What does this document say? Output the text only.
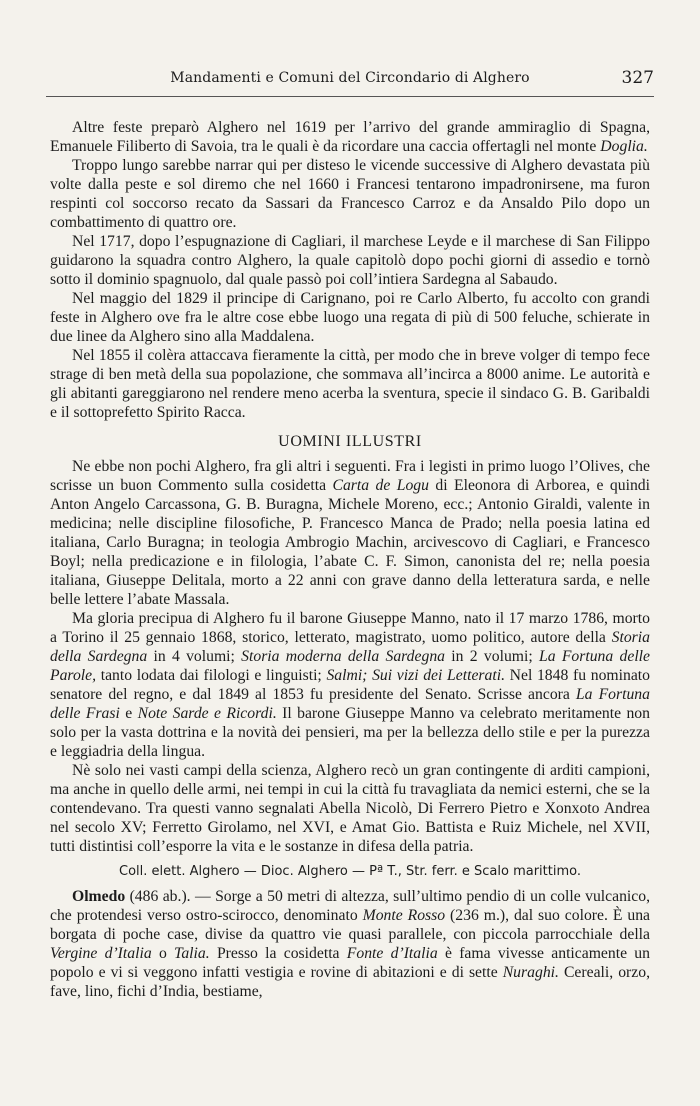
Mandamenti e Comuni del Circondario di Alghero	327

Altre feste preparò Alghero nel 1619 per l’arrivo del grande ammiraglio di Spagna, Emanuele Filiberto di Savoia, tra le quali è da ricordare una caccia offertagli nel monte Doglia.

Troppo lungo sarebbe narrar qui per disteso le vicende successive di Alghero devastata più volte dalla peste e sol diremo che nel 1660 i Francesi tentarono impadronirsene, ma furon respinti col soccorso recato da Sassari da Francesco Carroz e da Ansaldo Pilo dopo un combattimento di quattro ore.

Nel 1717, dopo l’espugnazione di Cagliari, il marchese Leyde e il marchese di San Filippo guidarono la squadra contro Alghero, la quale capitolò dopo pochi giorni di assedio e tornò sotto il dominio spagnuolo, dal quale passò poi coll’intiera Sardegna al Sabaudo.

Nel maggio del 1829 il principe di Carignano, poi re Carlo Alberto, fu accolto con grandi feste in Alghero ove fra le altre cose ebbe luogo una regata di più di 500 feluche, schierate in due linee da Alghero sino alla Maddalena.

Nel 1855 il colèra attaccava fieramente la città, per modo che in breve volger di tempo fece strage di ben metà della sua popolazione, che sommava all’incirca a 8000 anime. Le autorità e gli abitanti gareggiarono nel rendere meno acerba la sventura, specie il sindaco G. B. Garibaldi e il sottoprefetto Spirito Racca.

UOMINI ILLUSTRI

Ne ebbe non pochi Alghero, fra gli altri i seguenti. Fra i legisti in primo luogo l’Olives, che scrisse un buon Commento sulla cosidetta Carta de Logu di Eleonora di Arborea, e quindi Anton Angelo Carcassona, G. B. Buragna, Michele Moreno, ecc.; Antonio Giraldi, valente in medicina; nelle discipline filosofiche, P. Francesco Manca de Prado; nella poesia latina ed italiana, Carlo Buragna; in teologia Ambrogio Machin, arcivescovo di Cagliari, e Francesco Boyl; nella predicazione e in filologia, l’abate C. F. Simon, canonista del re; nella poesia italiana, Giuseppe Delitala, morto a 22 anni con grave danno della letteratura sarda, e nelle belle lettere l’abate Massala.

Ma gloria precipua di Alghero fu il barone Giuseppe Manno, nato il 17 marzo 1786, morto a Torino il 25 gennaio 1868, storico, letterato, magistrato, uomo politico, autore della Storia della Sardegna in 4 volumi; Storia moderna della Sardegna in 2 volumi; La Fortuna delle Parole, tanto lodata dai filologi e linguisti; Salmi; Sui vizi dei Letterati. Nel 1848 fu nominato senatore del regno, e dal 1849 al 1853 fu presidente del Senato. Scrisse ancora La Fortuna delle Frasi e Note Sarde e Ricordi. Il barone Giuseppe Manno va celebrato meritamente non solo per la vasta dottrina e la novità dei pensieri, ma per la bellezza dello stile e per la purezza e leggiadria della lingua.

Nè solo nei vasti campi della scienza, Alghero recò un gran contingente di arditi campioni, ma anche in quello delle armi, nei tempi in cui la città fu travagliata da nemici esterni, che se la contendevano. Tra questi vanno segnalati Abella Nicolò, Di Ferrero Pietro e Xonxoto Andrea nel secolo XV; Ferretto Girolamo, nel XVI, e Amat Gio. Battista e Ruiz Michele, nel XVII, tutti distintisi coll’esporre la vita e le sostanze in difesa della patria.

Coll. elett. Alghero — Dioc. Alghero — Pª T., Str. ferr. e Scalo marittimo.

Olmedo (486 ab.). — Sorge a 50 metri di altezza, sull’ultimo pendio di un colle vulcanico, che protendesi verso ostro-scirocco, denominato Monte Rosso (236 m.), dal suo colore. È una borgata di poche case, divise da quattro vie quasi parallele, con piccola parrocchiale della Vergine d’Italia o Talia. Presso la cosidetta Fonte d’Italia è fama vivesse anticamente un popolo e vi si veggono infatti vestigia e rovine di abitazioni e di sette Nuraghi. Cereali, orzo, fave, lino, fichi d’India, bestiame,
